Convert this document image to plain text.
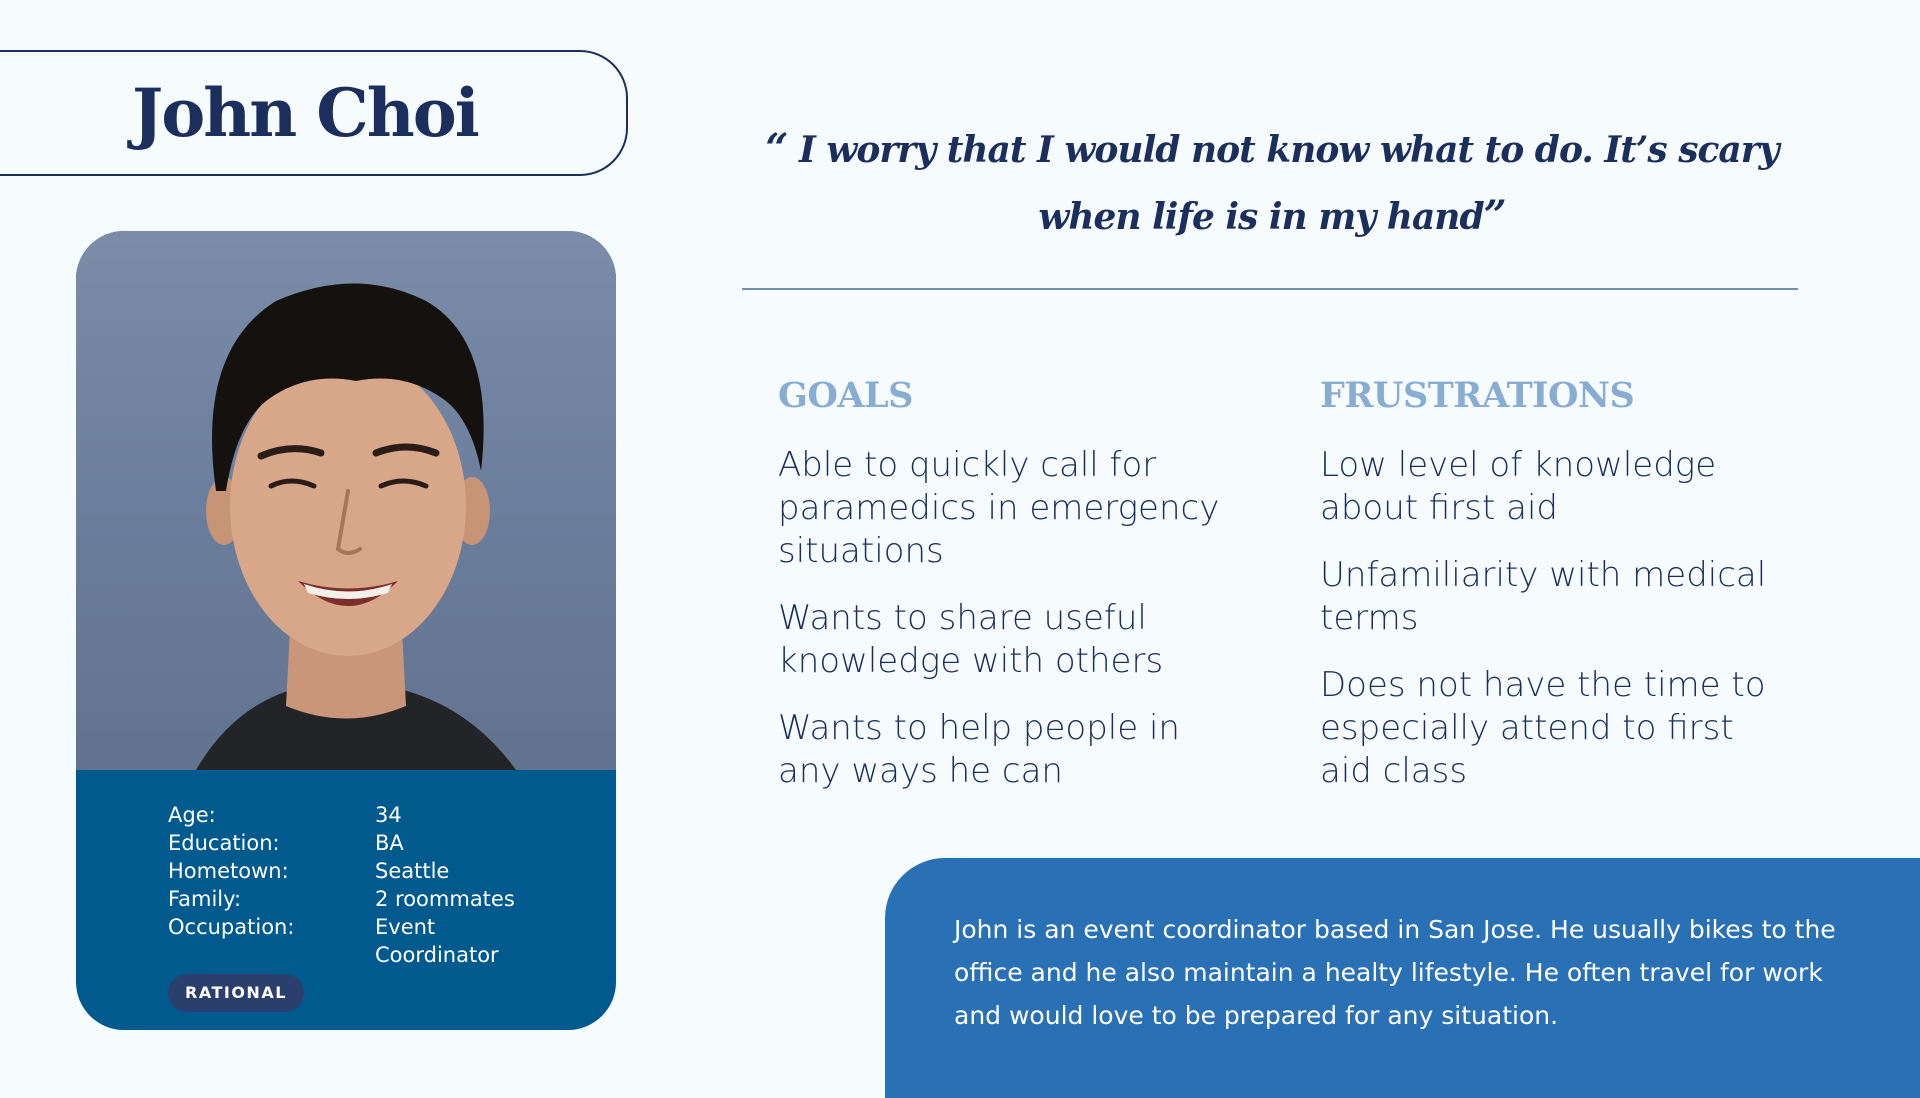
John Choi
Age:	34
Education:	BA
Hometown:	Seattle
Family:	2 roommates
Occupation:	Event Coordinator
RATIONAL
“ I worry that I would not know what to do. It’s scary when life is in my hand”
GOALS
Able to quickly call for paramedics in emergency situations
Wants to share useful knowledge with others
Wants to help people in any ways he can
FRUSTRATIONS
Low level of knowledge about first aid
Unfamiliarity with medical terms
Does not have the time to especially attend to first aid class

John is an event coordinator based in San Jose. He usually bikes to the office and he also maintain a healty lifestyle. He often travel for work and would love to be prepared for any situation.
